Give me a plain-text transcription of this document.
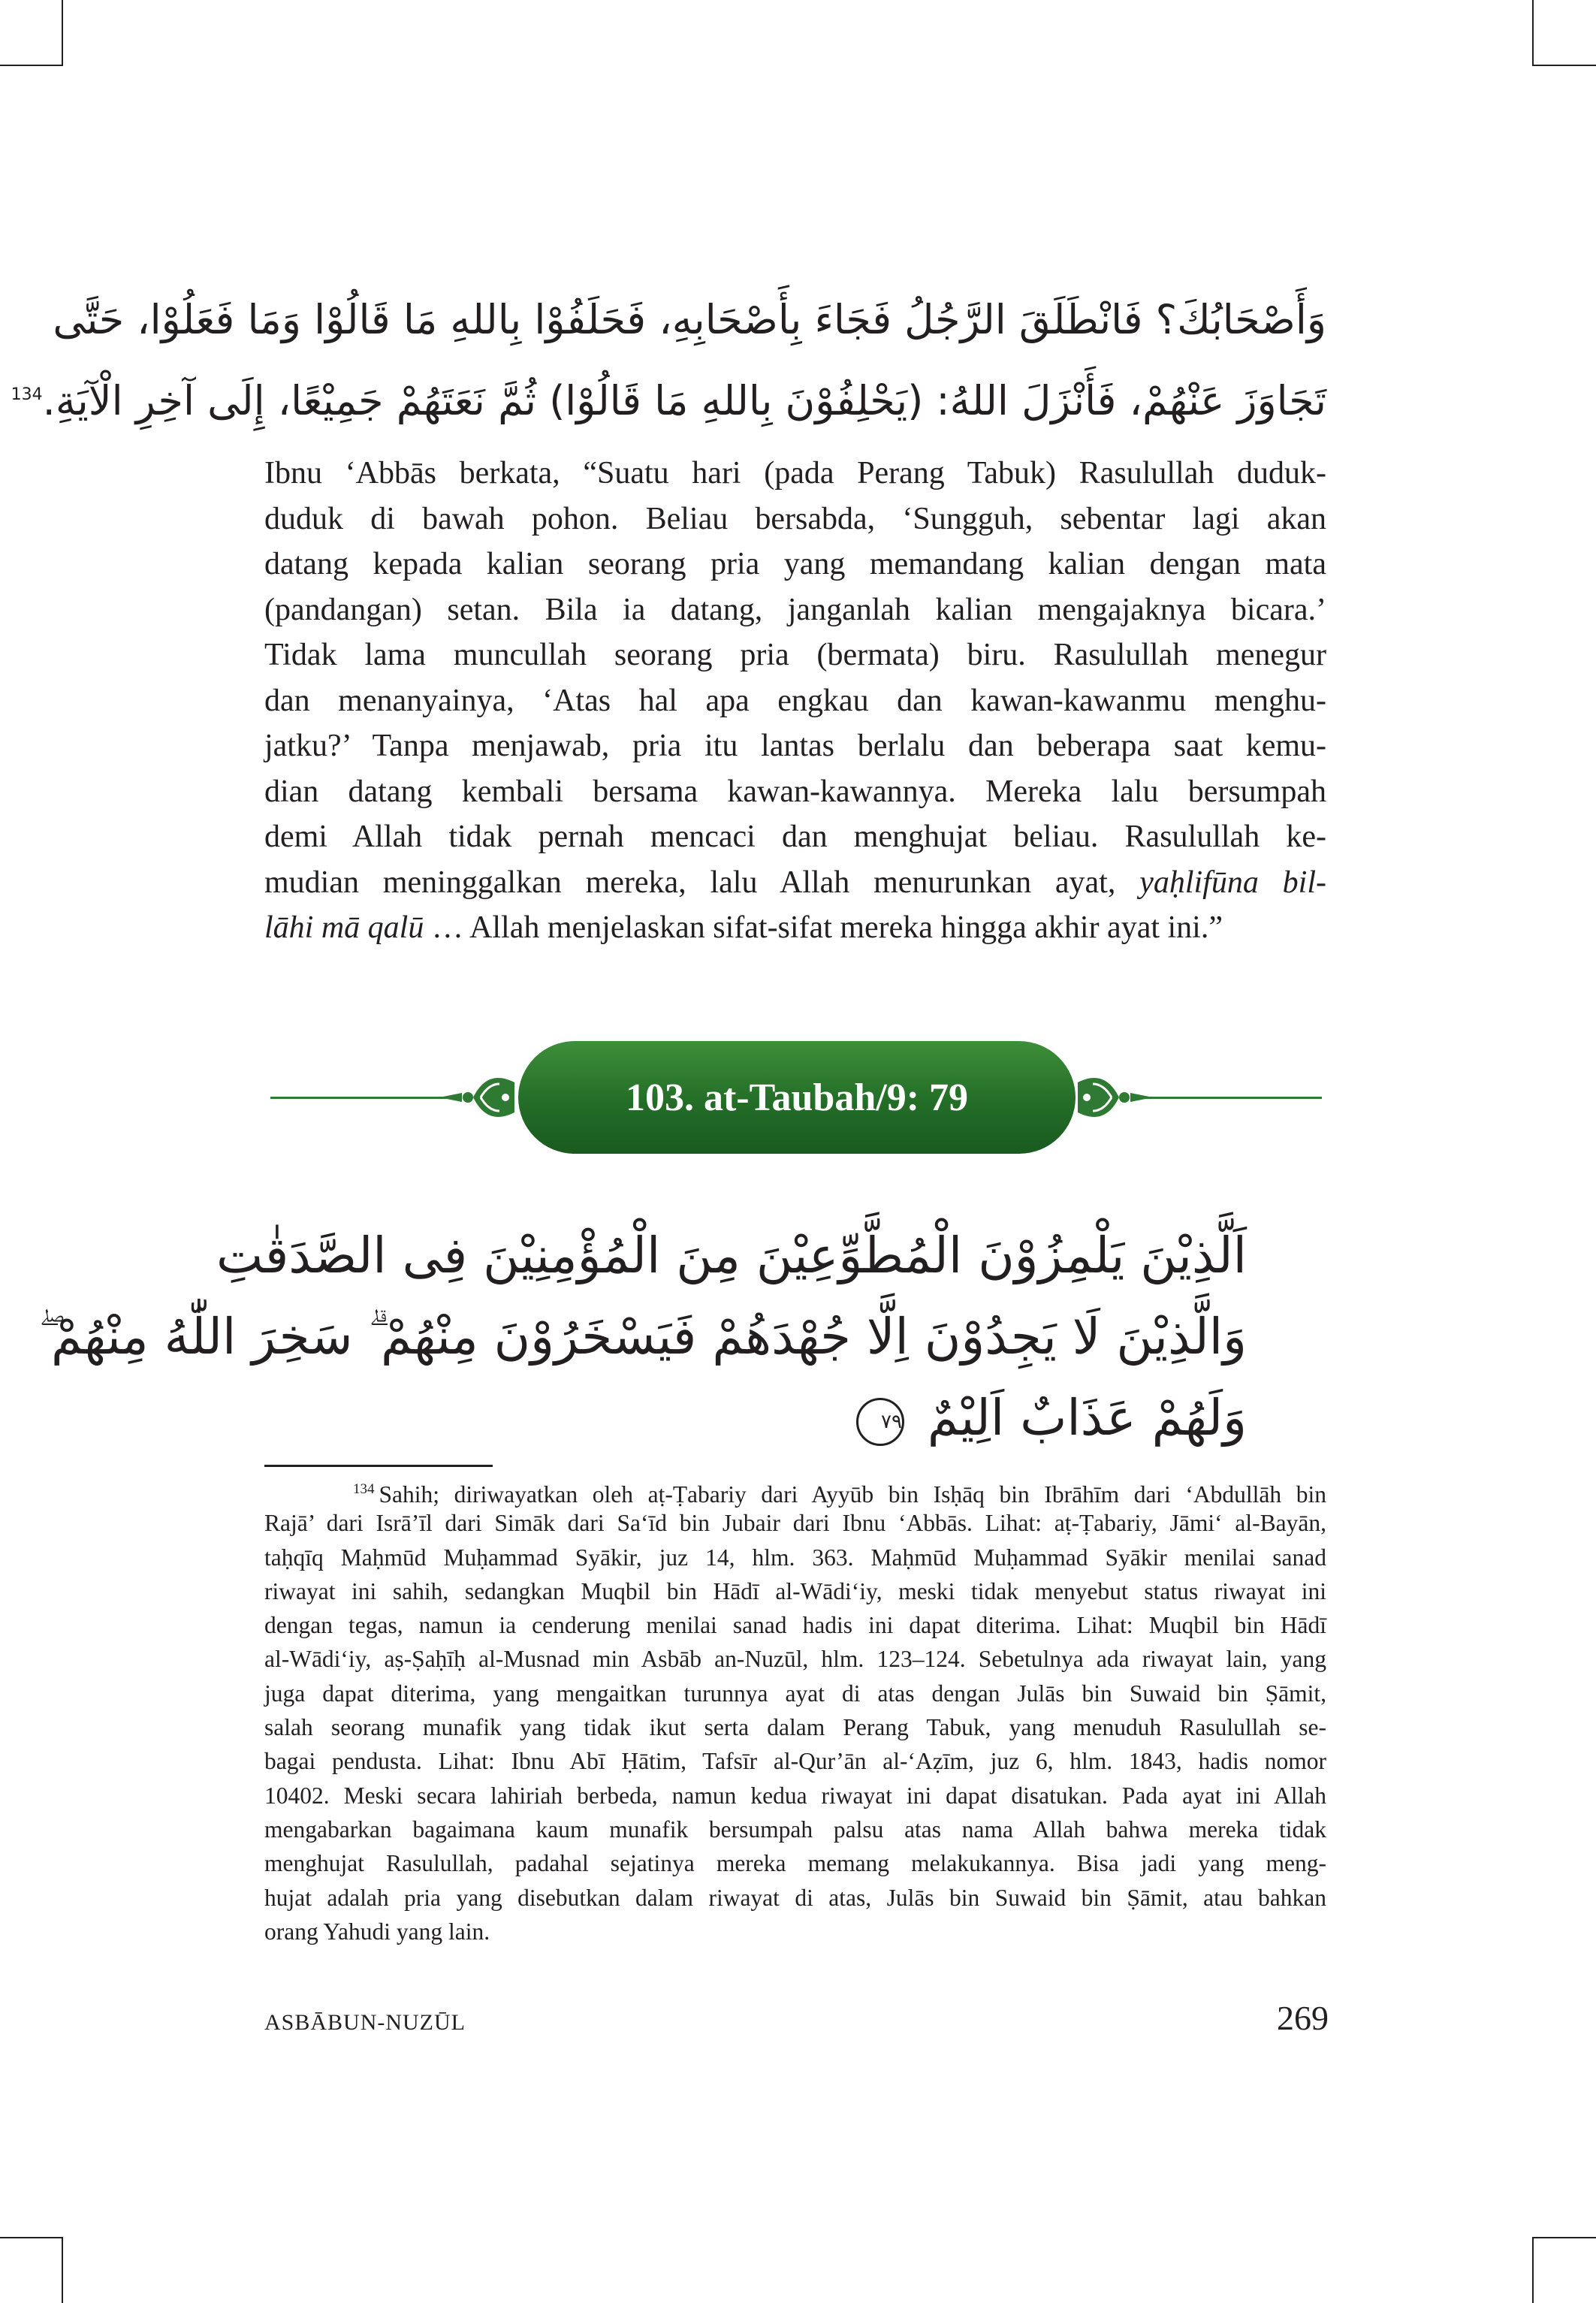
وَأَصْحَابُكَ؟ فَانْطَلَقَ الرَّجُلُ فَجَاءَ بِأَصْحَابِهِ، فَحَلَفُوْا بِاللهِ مَا قَالُوْا وَمَا فَعَلُوْا، حَتَّى
تَجَاوَزَ عَنْهُمْ، فَأَنْزَلَ اللهُ: (يَحْلِفُوْنَ بِاللهِ مَا قَالُوْا) ثُمَّ نَعَتَهُمْ جَمِيْعًا، إِلَى آخِرِ الْآيَةِ.$^{134}$
Ibnu ‘Abbās berkata, “Suatu hari (pada Perang Tabuk) Rasulullah duduk-
duduk di bawah pohon. Beliau bersabda, ‘Sungguh, sebentar lagi akan
datang kepada kalian seorang pria yang memandang kalian dengan mata
(pandangan) setan. Bila ia datang, janganlah kalian mengajaknya bicara.’
Tidak lama muncullah seorang pria (bermata) biru. Rasulullah menegur
dan menanyainya, ‘Atas hal apa engkau dan kawan-kawanmu menghu-
jatku?’ Tanpa menjawab, pria itu lantas berlalu dan beberapa saat kemu-
dian datang kembali bersama kawan-kawannya. Mereka lalu bersumpah
demi Allah tidak pernah mencaci dan menghujat beliau. Rasulullah ke-
mudian meninggalkan mereka, lalu Allah menurunkan ayat, yaḥlifūna bil-
lāhi mā qalū … Allah menjelaskan sifat-sifat mereka hingga akhir ayat ini.”
103. at-Taubah/9: 79
اَلَّذِيْنَ يَلْمِزُوْنَ الْمُطَّوِّعِيْنَ مِنَ الْمُؤْمِنِيْنَ فِى الصَّدَقٰتِ
وَالَّذِيْنَ لَا يَجِدُوْنَ اِلَّا جُهْدَهُمْ فَيَسْخَرُوْنَ مِنْهُمْ ۗ سَخِرَ اللّٰهُ مِنْهُمْ ۖ
وَلَهُمْ عَذَابٌ اَلِيْمٌ ٧٩
$^{134}$ Sahih; diriwayatkan oleh aṭ-Ṭabariy dari Ayyūb bin Isḥāq bin Ibrāhīm dari ‘Abdullāh bin
Rajā’ dari Isrā’īl dari Simāk dari Sa‘īd bin Jubair dari Ibnu ‘Abbās. Lihat: aṭ-Ṭabariy, Jāmi‘ al-Bayān,
taḥqīq Maḥmūd Muḥammad Syākir, juz 14, hlm. 363. Maḥmūd Muḥammad Syākir menilai sanad
riwayat ini sahih, sedangkan Muqbil bin Hādī al-Wādi‘iy, meski tidak menyebut status riwayat ini
dengan tegas, namun ia cenderung menilai sanad hadis ini dapat diterima. Lihat: Muqbil bin Hādī
al-Wādi‘iy, aṣ-Ṣaḥīḥ al-Musnad min Asbāb an-Nuzūl, hlm. 123–124. Sebetulnya ada riwayat lain, yang
juga dapat diterima, yang mengaitkan turunnya ayat di atas dengan Julās bin Suwaid bin Ṣāmit,
salah seorang munafik yang tidak ikut serta dalam Perang Tabuk, yang menuduh Rasulullah se-
bagai pendusta. Lihat: Ibnu Abī Ḥātim, Tafsīr al-Qur’ān al-‘Aẓīm, juz 6, hlm. 1843, hadis nomor
10402. Meski secara lahiriah berbeda, namun kedua riwayat ini dapat disatukan. Pada ayat ini Allah
mengabarkan bagaimana kaum munafik bersumpah palsu atas nama Allah bahwa mereka tidak
menghujat Rasulullah, padahal sejatinya mereka memang melakukannya. Bisa jadi yang meng-
hujat adalah pria yang disebutkan dalam riwayat di atas, Julās bin Suwaid bin Ṣāmit, atau bahkan
orang Yahudi yang lain.
ASBĀBUN-NUZŪL	269
